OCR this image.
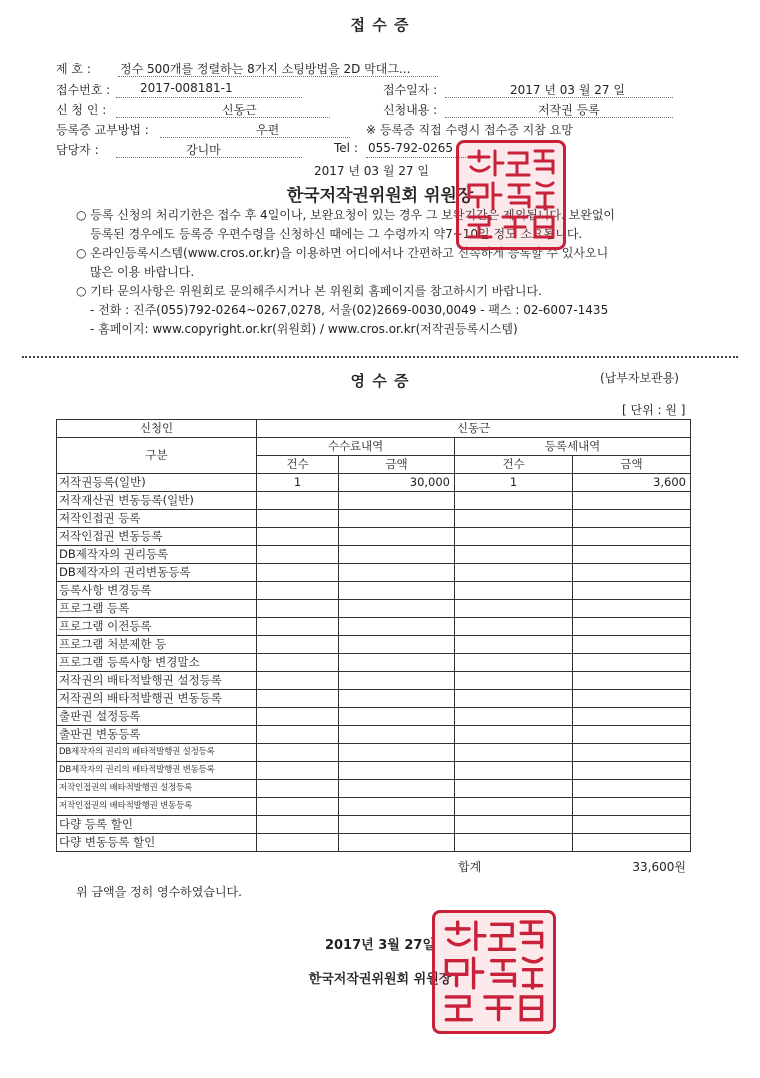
접 수 증
제 호 : 정수 500개를 정렬하는 8가지 소팅방법을 2D 막대그...
접수번호 : 2017-008181-1	접수일자 :	2017 년 03 월 27 일
신 청 인 :	신동근	신청내용 :	저작권 등록
등록증 교부방법 :	우편	※ 등록증 직접 수령시 접수증 지참 요망
담당자 :	강니마	Tel : 055-792-0265
2017 년 03 월 27 일
한국저작권위원회 위원장

○ 등록 신청의 처리기한은 접수 후 4일이나, 보완요청이 있는 경우 그 보완기간은 제외됩니다. 보완없이

등록된 경우에도 등록증 우편수령을 신청하신 때에는 그 수령까지 약7~10일 정도 소요됩니다.

○ 온라인등록시스템(www.cros.or.kr)을 이용하면 어디에서나 간편하고 신속하게 등록할 수 있사오니

많은 이용 바랍니다.

○ 기타 문의사항은 위원회로 문의해주시거나 본 위원회 홈페이지를 참고하시기 바랍니다.

- 전화 : 진주(055)792-0264~0267,0278, 서울(02)2669-0030,0049 - 팩스 : 02-6007-1435

- 홈페이지: www.copyright.or.kr(위원회) / www.cros.or.kr(저작권등록시스템)

영 수 증	(납부자보관용)
[ 단위 : 원 ]
신청인	신동근			
구분	수수료내역		등록세내역	
	건수	금액	건수	금액
저작권등록(일반)	1	30,000	1	3,600
저작재산권 변동등록(일반)				
저작인접권 등록				
저작인접권 변동등록				
DB제작자의 권리등록				
DB제작자의 권리변동등록				
등록사항 변경등록				
프로그램 등록				
프로그램 이전등록				
프로그램 처분제한 등				
프로그램 등록사항 변경말소				
저작권의 배타적발행권 설정등록				
저작권의 배타적발행권 변동등록				
출판권 설정등록				
출판권 변동등록				
DB제작자의 권리의 배타적발행권 설정등록				
DB제작자의 권리의 배타적발행권 변동등록				
저작인접권의 배타적발행권 설정등록				
저작인접권의 배타적발행권 변동등록				
다량 등록 할인				
다량 변동등록 할인				
합계	33,600원
위 금액을 정히 영수하였습니다.
2017년 3월 27일
한국저작권위원회 위원장
